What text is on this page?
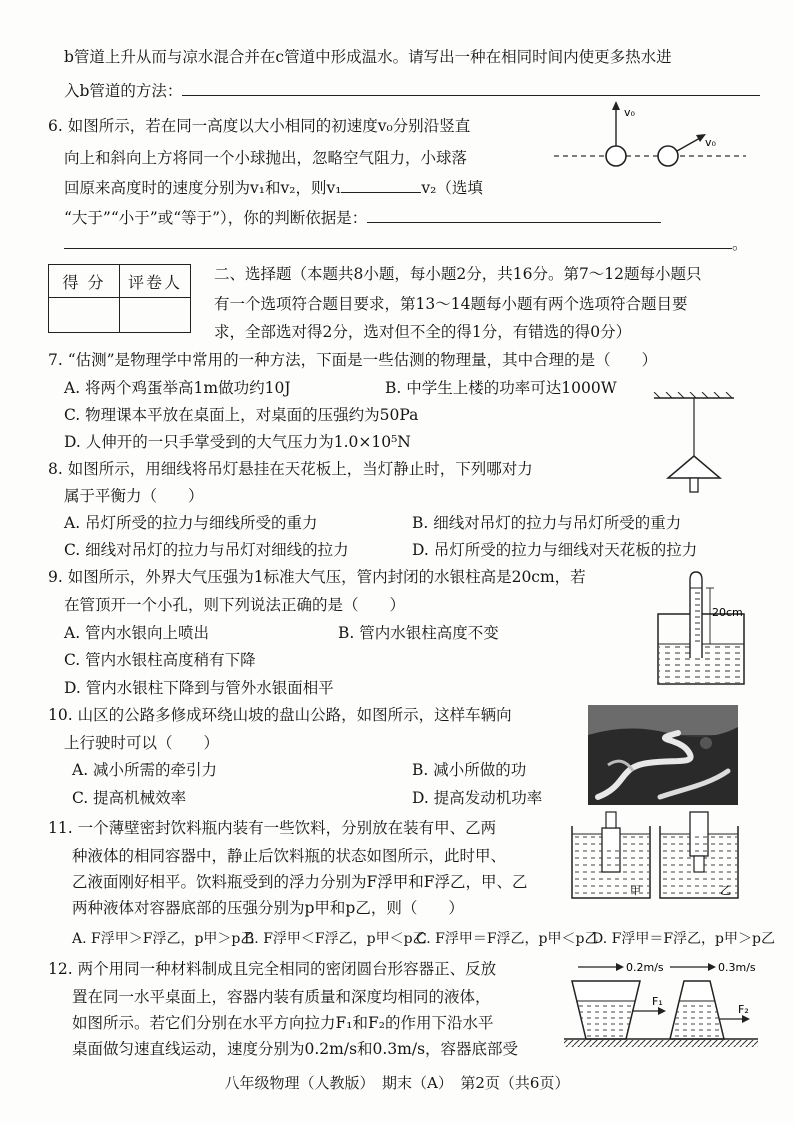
b管道上升从而与凉水混合并在c管道中形成温水。请写出一种在相同时间内使更多热水进
入b管道的方法：
6. 如图所示，若在同一高度以大小相同的初速度v₀分别沿竖直
向上和斜向上方将同一个小球抛出，忽略空气阻力，小球落
回原来高度时的速度分别为v₁和v₂，则v₁	v₂（选填
“大于”“小于”或“等于”），你的判断依据是：
。
v₀
v₀
得 分	评卷人
	二、选择题（本题共8小题，每小题2分，共16分。第7～12题每小题只
有一个选项符合题目要求，第13～14题每小题有两个选项符合题目要
求，全部选对得2分，选对但不全的得1分，有错选的得0分）
7. “估测”是物理学中常用的一种方法，下面是一些估测的物理量，其中合理的是（　　）
A. 将两个鸡蛋举高1m做功约10J	B. 中学生上楼的功率可达1000W
C. 物理课本平放在桌面上，对桌面的压强约为50Pa
D. 人伸开的一只手掌受到的大气压力为1.0×10⁵N
8. 如图所示，用细线将吊灯悬挂在天花板上，当灯静止时，下列哪对力
属于平衡力（　　）
A. 吊灯所受的拉力与细线所受的重力	B. 细线对吊灯的拉力与吊灯所受的重力
C. 细线对吊灯的拉力与吊灯对细线的拉力	D. 吊灯所受的拉力与细线对天花板的拉力
9. 如图所示，外界大气压强为1标准大气压，管内封闭的水银柱高是20cm，若
在管顶开一个小孔，则下列说法正确的是（　　）
A. 管内水银向上喷出	B. 管内水银柱高度不变
C. 管内水银柱高度稍有下降
D. 管内水银柱下降到与管外水银面相平
20cm
10. 山区的公路多修成环绕山坡的盘山公路，如图所示，这样车辆向
上行驶时可以（　　）
A. 减小所需的牵引力	B. 减小所做的功
C. 提高机械效率	D. 提高发动机功率
11. 一个薄壁密封饮料瓶内装有一些饮料，分别放在装有甲、乙两
种液体的相同容器中，静止后饮料瓶的状态如图所示，此时甲、
乙液面刚好相平。饮料瓶受到的浮力分别为F浮甲和F浮乙，甲、乙
两种液体对容器底部的压强分别为p甲和p乙，则（　　）
A. F浮甲＞F浮乙，p甲＞p乙
B. F浮甲＜F浮乙，p甲＜p乙
C. F浮甲＝F浮乙，p甲＜p乙
D. F浮甲＝F浮乙，p甲＞p乙
甲	乙
12. 两个用同一种材料制成且完全相同的密闭圆台形容器正、反放
置在同一水平桌面上，容器内装有质量和深度均相同的液体，
如图所示。若它们分别在水平方向拉力F₁和F₂的作用下沿水平
桌面做匀速直线运动，速度分别为0.2m/s和0.3m/s，容器底部受
0.2m/s	0.3m/s
F₁
F₂
八年级物理（人教版）　期末（A）　第2页（共6页）
